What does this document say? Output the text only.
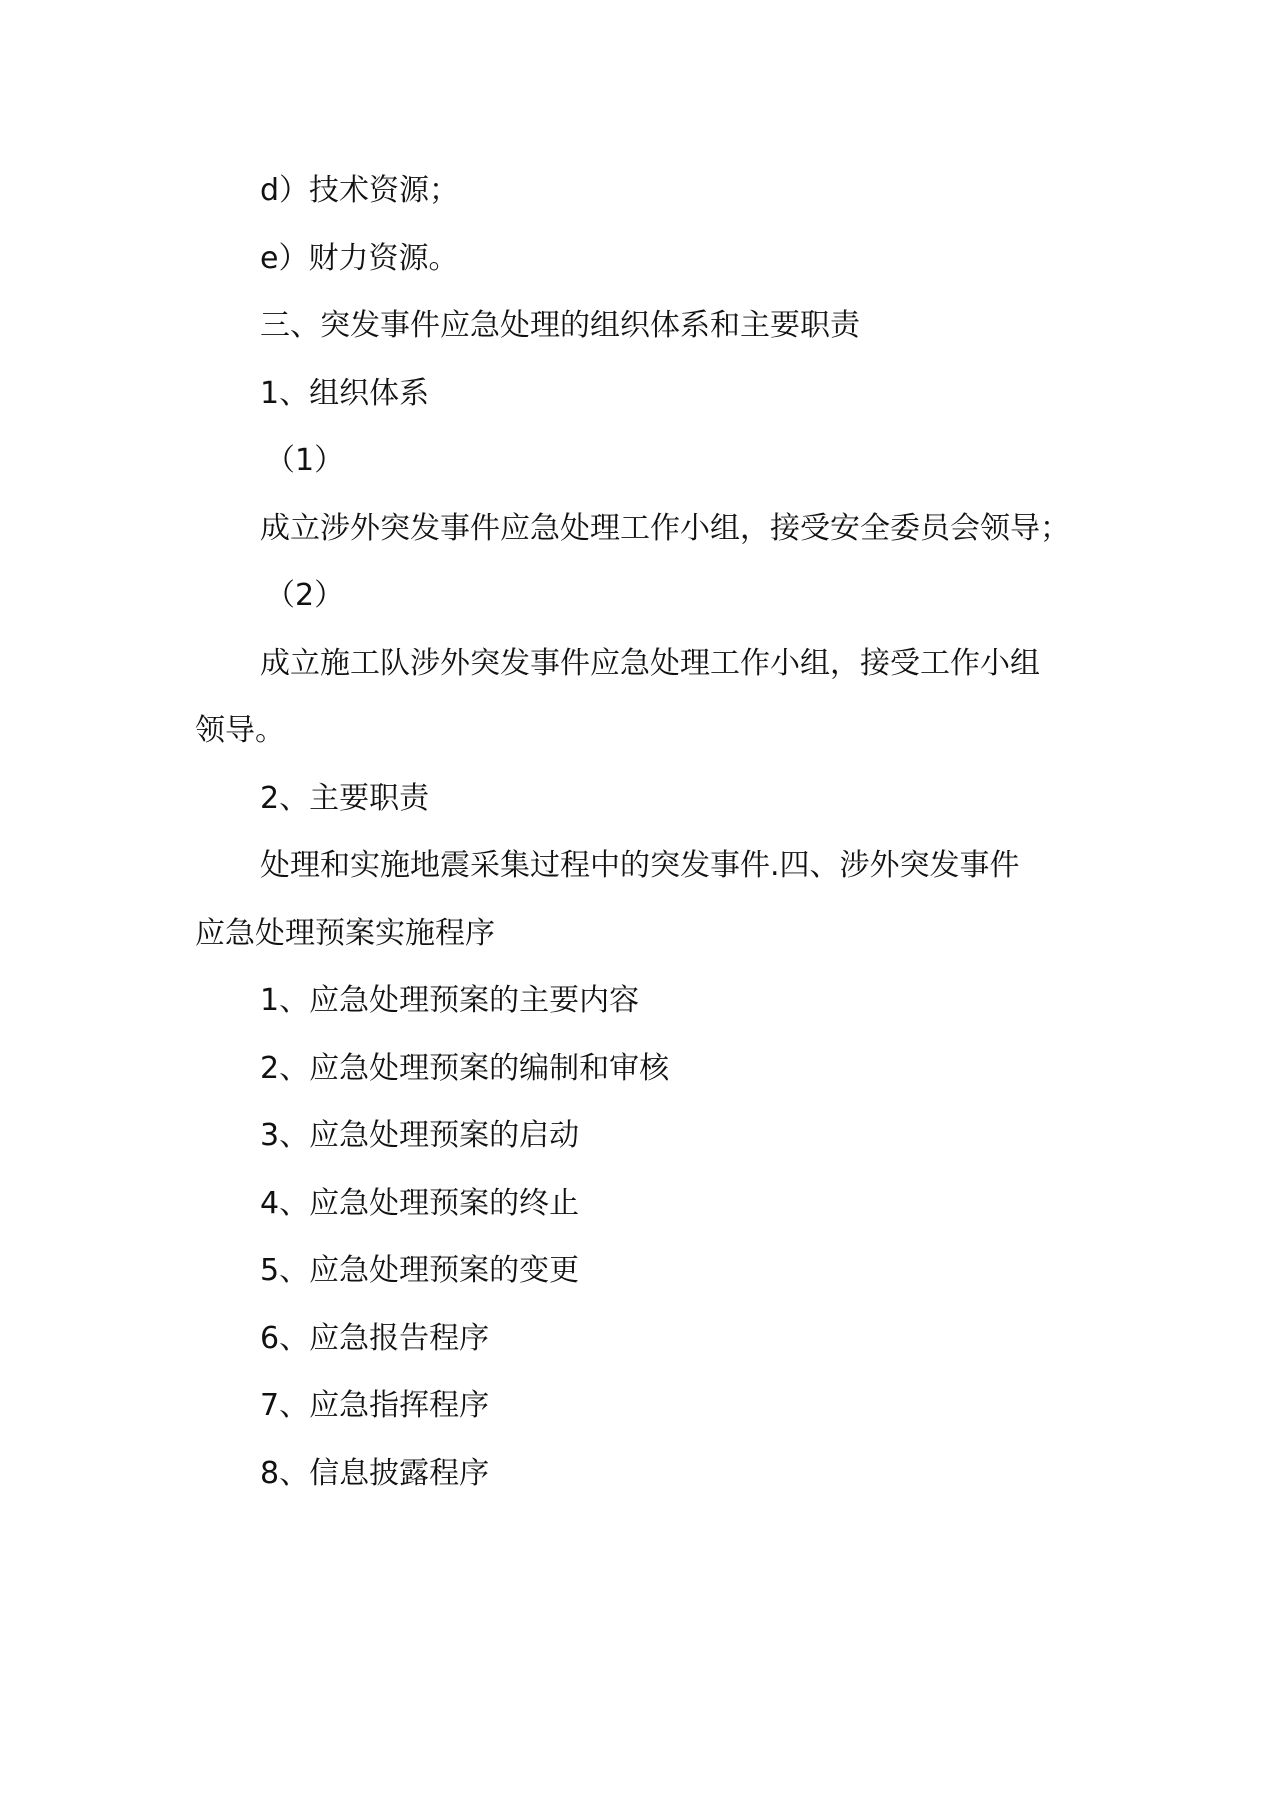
d）技术资源；
e）财力资源。
三、突发事件应急处理的组织体系和主要职责
1、组织体系
（1）
成立涉外突发事件应急处理工作小组，接受安全委员会领导；
（2）
成立施工队涉外突发事件应急处理工作小组，接受工作小组
领导。
2、主要职责
处理和实施地震采集过程中的突发事件.四、涉外突发事件
应急处理预案实施程序
1、应急处理预案的主要内容
2、应急处理预案的编制和审核
3、应急处理预案的启动
4、应急处理预案的终止
5、应急处理预案的变更
6、应急报告程序
7、应急指挥程序
8、信息披露程序
